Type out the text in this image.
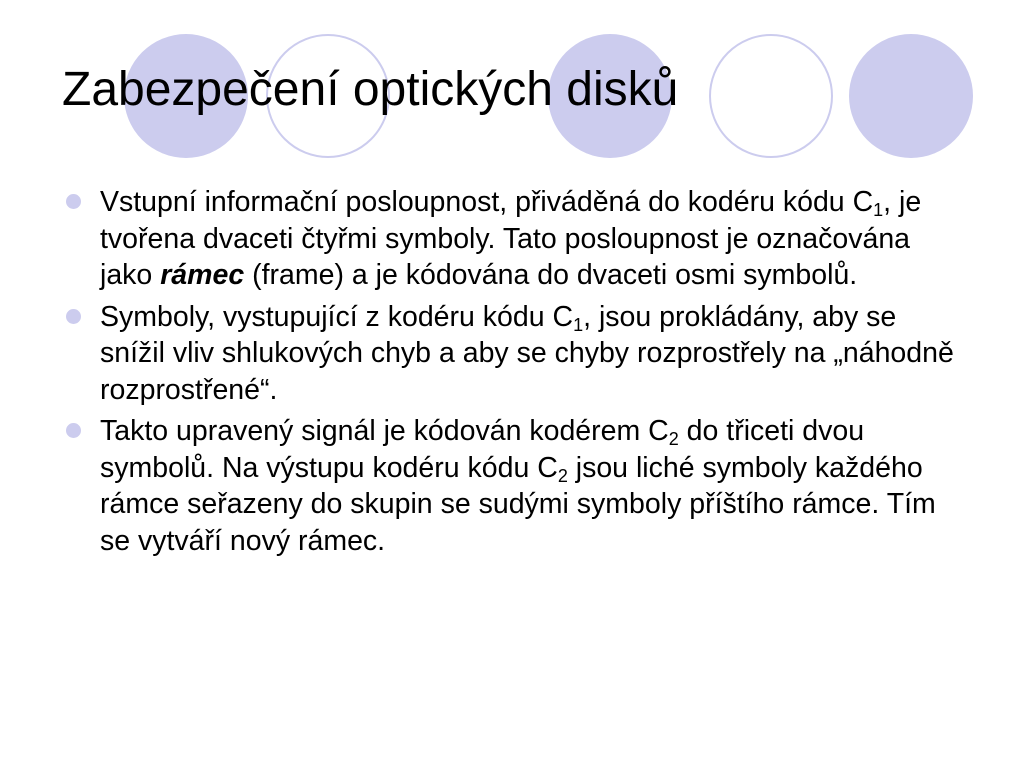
Zabezpečení optických disků
Vstupní informační posloupnost, přiváděná do kodéru kódu $C_1$, je tvořena dvaceti čtyřmi symboly. Tato posloupnost je označována jako rámec (frame) a je kódována do dvaceti osmi symbolů.
Symboly, vystupující z kodéru kódu $C_1$, jsou prokládány, aby se snížil vliv shlukových chyb a aby se chyby rozprostřely na „náhodně rozprostřené“.
Takto upravený signál je kódován kodérem $C_2$ do třiceti dvou symbolů. Na výstupu kodéru kódu $C_2$ jsou liché symboly každého rámce seřazeny do skupin se sudými symboly příštího rámce. Tím se vytváří nový rámec.
